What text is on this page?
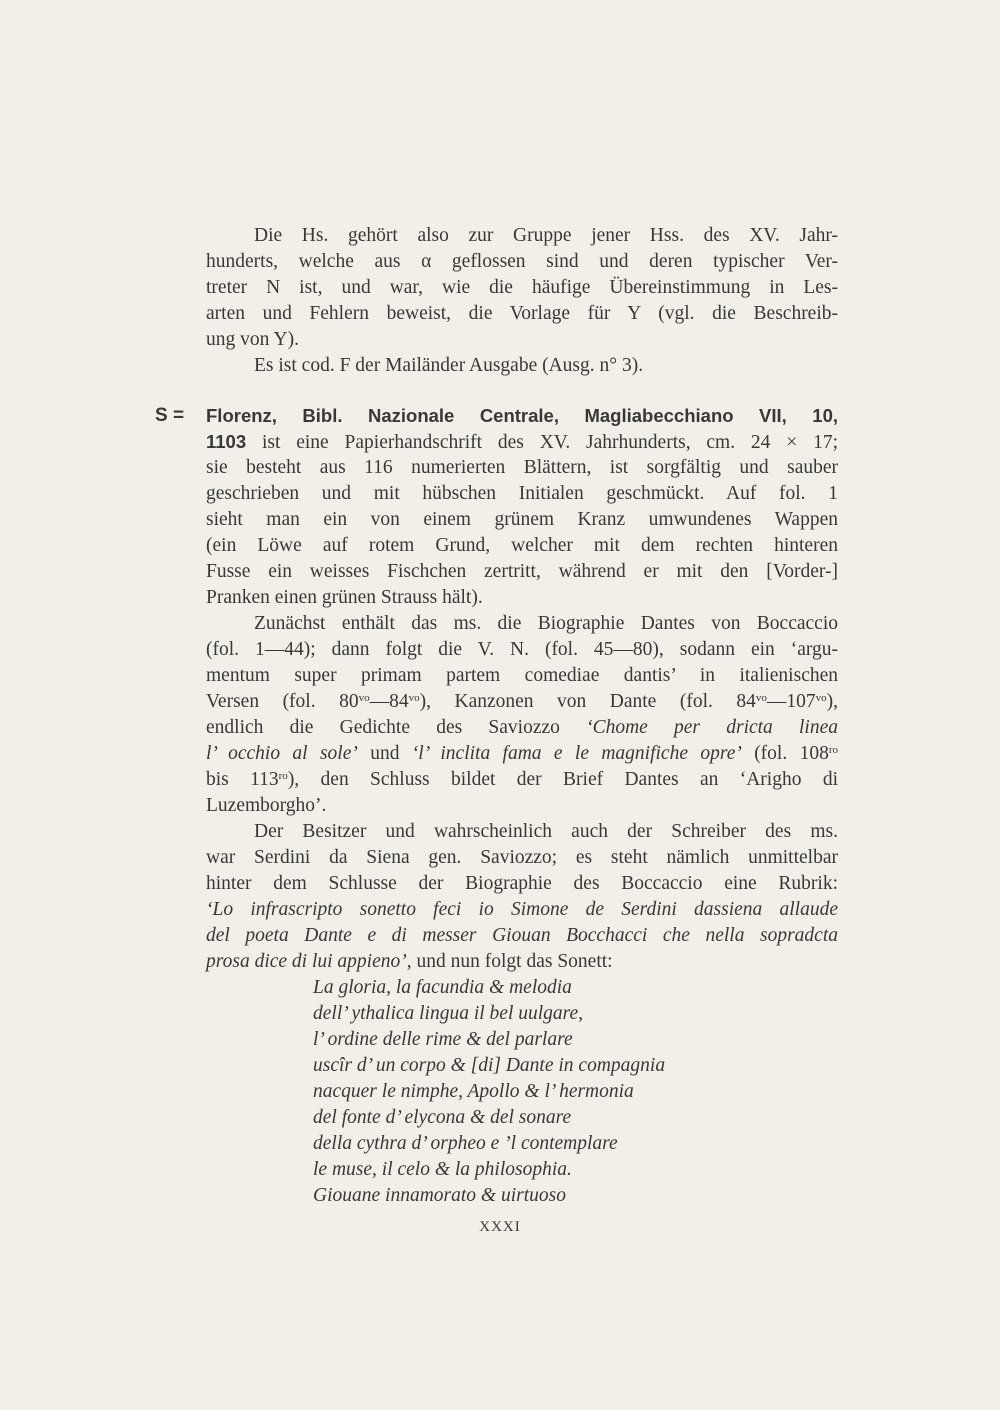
Die Hs. gehört also zur Gruppe jener Hss. des XV. Jahr-
hunderts, welche aus α geflossen sind und deren typischer Ver-
treter N ist, und war, wie die häufige Übereinstimmung in Les-
arten und Fehlern beweist, die Vorlage für Y (vgl. die Beschreib-
ung von Y).
Es ist cod. F der Mailänder Ausgabe (Ausg. n° 3).
S = Florenz, Bibl. Nazionale Centrale, Magliabecchiano VII, 10,
1103 ist eine Papierhandschrift des XV. Jahrhunderts, cm. 24 × 17;
sie besteht aus 116 numerierten Blättern, ist sorgfältig und sauber
geschrieben und mit hübschen Initialen geschmückt. Auf fol. 1
sieht man ein von einem grünem Kranz umwundenes Wappen
(ein Löwe auf rotem Grund, welcher mit dem rechten hinteren
Fusse ein weisses Fischchen zertritt, während er mit den [Vorder-]
Pranken einen grünen Strauss hält).
Zunächst enthält das ms. die Biographie Dantes von Boccaccio
(fol. 1—44); dann folgt die V. N. (fol. 45—80), sodann ein ‘argu-
mentum super primam partem comediae dantis’ in italienischen
Versen (fol. $80^{vo}—84^{vo}$), Kanzonen von Dante (fol. $84^{vo}—107^{vo}$),
endlich die Gedichte des Saviozzo ‘Chome per dricta linea
l’ occhio al sole’ und ‘l’ inclita fama e le magnifiche opre’ (fol. $108^{ro}$
bis $113^{ro}$), den Schluss bildet der Brief Dantes an ‘Arigho di
Luzemborgho’.
Der Besitzer und wahrscheinlich auch der Schreiber des ms.
war Serdini da Siena gen. Saviozzo; es steht nämlich unmittelbar
hinter dem Schlusse der Biographie des Boccaccio eine Rubrik:
‘Lo infrascripto sonetto feci io Simone de Serdini dassiena allaude
del poeta Dante e di messer Giouan Bocchacci che nella sopradcta
prosa dice di lui appieno’, und nun folgt das Sonett:
La gloria, la facundia & melodia
dell’ ythalica lingua il bel uulgare,
l’ ordine delle rime & del parlare
uscîr d’ un corpo & [di] Dante in compagnia
nacquer le nimphe, Apollo & l’ hermonia
del fonte d’ elycona & del sonare
della cythra d’ orpheo e ’l contemplare
le muse, il celo & la philosophia.
Giouane innamorato & uirtuoso
XXXI
